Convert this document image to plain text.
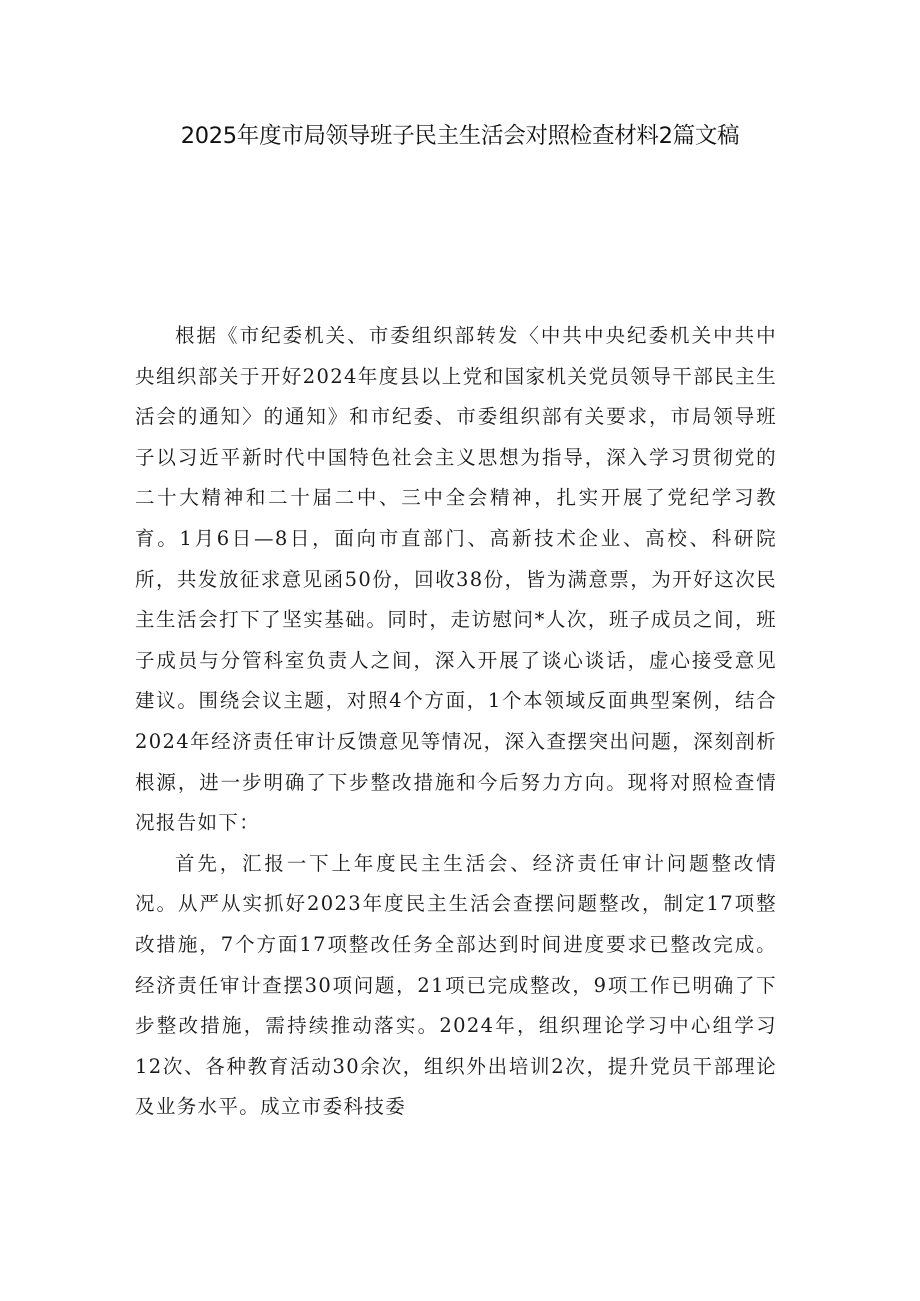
2025年度市局领导班子民主生活会对照检查材料2篇文稿

根据《市纪委机关、市委组织部转发〈中共中央纪委机关中共中央组织部关于开好2024年度县以上党和国家机关党员领导干部民主生活会的通知〉的通知》和市纪委、市委组织部有关要求，市局领导班子以习近平新时代中国特色社会主义思想为指导，深入学习贯彻党的二十大精神和二十届二中、三中全会精神，扎实开展了党纪学习教育。1月6日—8日，面向市直部门、高新技术企业、高校、科研院所，共发放征求意见函50份，回收38份，皆为满意票，为开好这次民主生活会打下了坚实基础。同时，走访慰问*人次，班子成员之间，班子成员与分管科室负责人之间，深入开展了谈心谈话，虚心接受意见建议。围绕会议主题，对照4个方面，1个本领域反面典型案例，结合2024年经济责任审计反馈意见等情况，深入查摆突出问题，深刻剖析根源，进一步明确了下步整改措施和今后努力方向。现将对照检查情况报告如下：

首先，汇报一下上年度民主生活会、经济责任审计问题整改情况。从严从实抓好2023年度民主生活会查摆问题整改，制定17项整改措施，7个方面17项整改任务全部达到时间进度要求已整改完成。经济责任审计查摆30项问题，21项已完成整改，9项工作已明确了下步整改措施，需持续推动落实。2024年，组织理论学习中心组学习12次、各种教育活动30余次，组织外出培训2次，提升党员干部理论及业务水平。成立市委科技委
